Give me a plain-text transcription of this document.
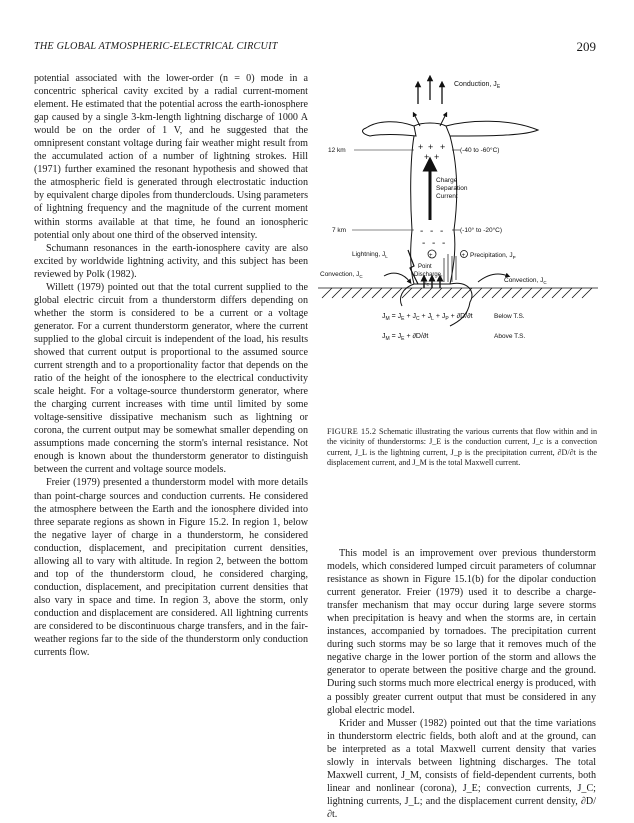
THE GLOBAL ATMOSPHERIC-ELECTRICAL CIRCUIT	209

potential associated with the lower-order (n = 0) mode in a concentric spherical cavity excited by a radial current-moment element. He estimated that the potential across the earth-ionosphere gap caused by a single 3-km-length lightning discharge of 1000 A would be on the order of 1 V, and he suggested that the omnipresent constant voltage during fair weather might result from the accumulated action of a number of lightning strokes. Hill (1971) further examined the resonant hypothesis and showed that the atmospheric field is generated through electrostatic induction by equivalent charge dipoles from thunderclouds. Using parameters of lightning frequency and the magnitude of the current moment within storms available at that time, he found an ionospheric potential only about one third of the observed intensity.

Schumann resonances in the earth-ionosphere cavity are also excited by worldwide lightning activity, and this subject has been reviewed by Polk (1982).

Willett (1979) pointed out that the total current supplied to the global electric circuit from a thunderstorm differs depending on whether the storm is considered to be a current or a voltage generator. For a current thunderstorm generator, where the current supplied to the global circuit is independent of the load, his results showed that current output is proportional to the assumed source current strength and to a proportionality factor that depends on the ratio of the height of the ionosphere to the electrical conductivity scale height. For a voltage-source thunderstorm generator, where the charging current increases with time until limited by some voltage-sensitive dissipative mechanism such as lightning or corona, the current output may be somewhat smaller depending on assumptions made concerning the storm's internal resistance. Not enough is known about the thunderstorm generator to distinguish between the current and voltage source models.

Freier (1979) presented a thunderstorm model with more details than point-charge sources and conduction currents. He considered the atmosphere between the Earth and the ionosphere divided into three separate regions as shown in Figure 15.2. In region 1, below the negative layer of charge in a thunderstorm, he considered conduction, displacement, and precipitation current densities, allowing all to vary with altitude. In region 2, between the bottom and top of the thunderstorm cloud, he considered charging, conduction, displacement, and precipitation current densities that also vary in space and time. In region 3, above the storm, only conduction and displacement are considered. All lightning currents are considered to be discontinuous charge transfers, and in the fair-weather regions far to the side of the thunderstorm only conduction currents flow.

Conduction, $J_E$
+ + +
+ +
12 km	(-40 to -60°C)
Charge Separation Current
- - -
- - -
7 km	(-10° to -20°C)
Lightning, $J_L$	+
Point Discharge,
$J_E$
+ Precipitation, $J_P$
Convection, $J_C$
Convection, $J_C$
$J_M = J_E + J_C + J_L + J_P + \partial D/\partial t$
$J_M = J_E + \partial D/\partial t$
Below T.S.
Above T.S.
FIGURE 15.2 Schematic illustrating the various currents that flow within and in the vicinity of thunderstorms: J_E is the conduction current, J_c is a convection current, J_L is the lightning current, J_p is the precipitation current, ∂D/∂t is the displacement current, and J_M is the total Maxwell current.

This model is an improvement over previous thunderstorm models, which considered lumped circuit parameters of columnar resistance as shown in Figure 15.1(b) for the dipolar conduction current generator. Freier (1979) used it to describe a charge-transfer mechanism that may occur during large severe storms when precipitation is heavy and when the storms are, in certain instances, accompanied by tornadoes. The precipitation current during such storms may be so large that it removes much of the negative charge in the lower portion of the storm and allows the generator to operate between the positive charge and the ground. During such storms much more electrical energy is produced, with a possibly greater current output that must be considered in any global electric model.

Krider and Musser (1982) pointed out that the time variations in thunderstorm electric fields, both aloft and at the ground, can be interpreted as a total Maxwell current density that varies slowly in intervals between lightning discharges. The total Maxwell current, J_M, consists of field-dependent currents, both linear and nonlinear (corona), J_E; convection currents, J_C; lightning currents, J_L; and the displacement current density, ∂D/∂t.
